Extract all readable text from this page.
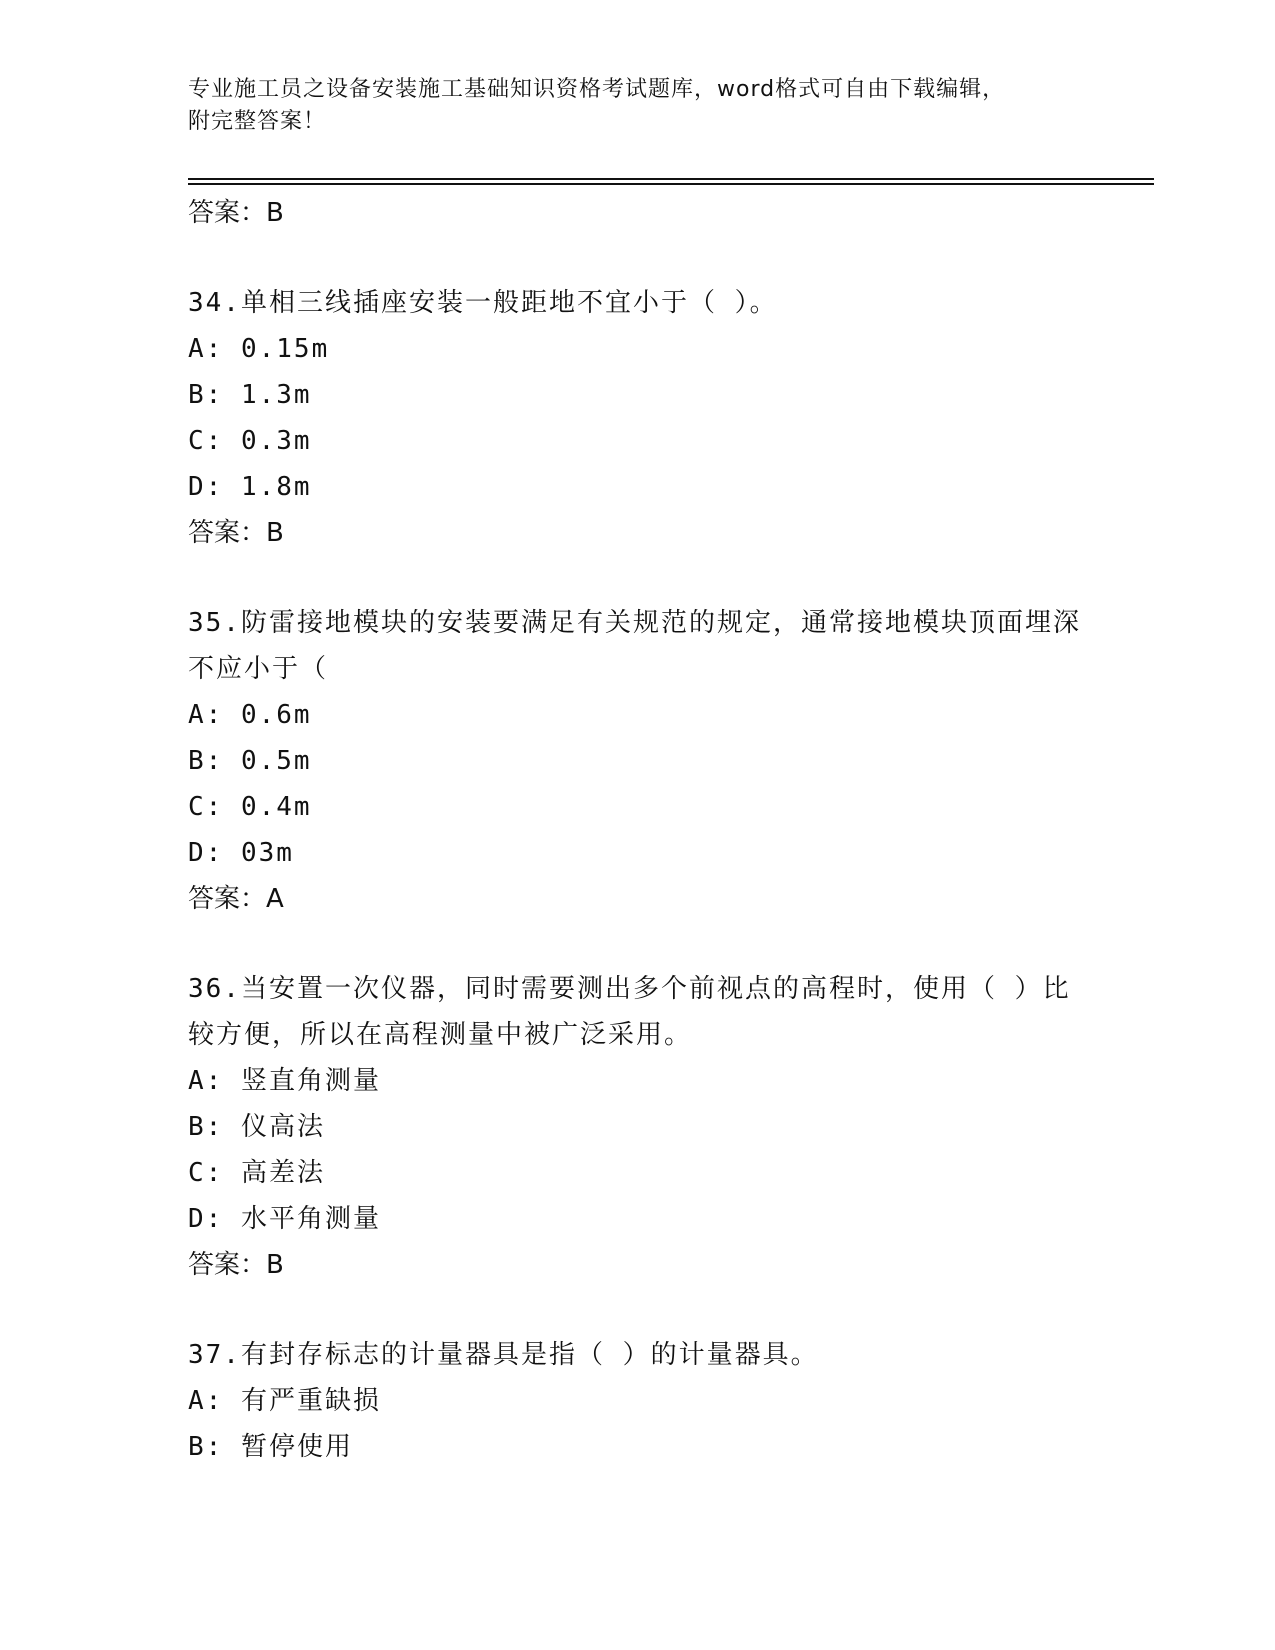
专业施工员之设备安装施工基础知识资格考试题库，word格式可自由下载编辑，
附完整答案！
答案：B
34.单相三线插座安装一般距地不宜小于（ ）。
A: 0.15m
B: 1.3m
C: 0.3m
D: 1.8m
答案：B
35.防雷接地模块的安装要满足有关规范的规定，通常接地模块顶面埋深不应小于（
A: 0.6m
B: 0.5m
C: 0.4m
D: 03m
答案：A
36.当安置一次仪器，同时需要测出多个前视点的高程时，使用（ ）比较方便，所以在高程测量中被广泛采用。
A: 竖直角测量
B: 仪高法
C: 高差法
D: 水平角测量
答案：B
37.有封存标志的计量器具是指（ ）的计量器具。
A: 有严重缺损
B: 暂停使用
